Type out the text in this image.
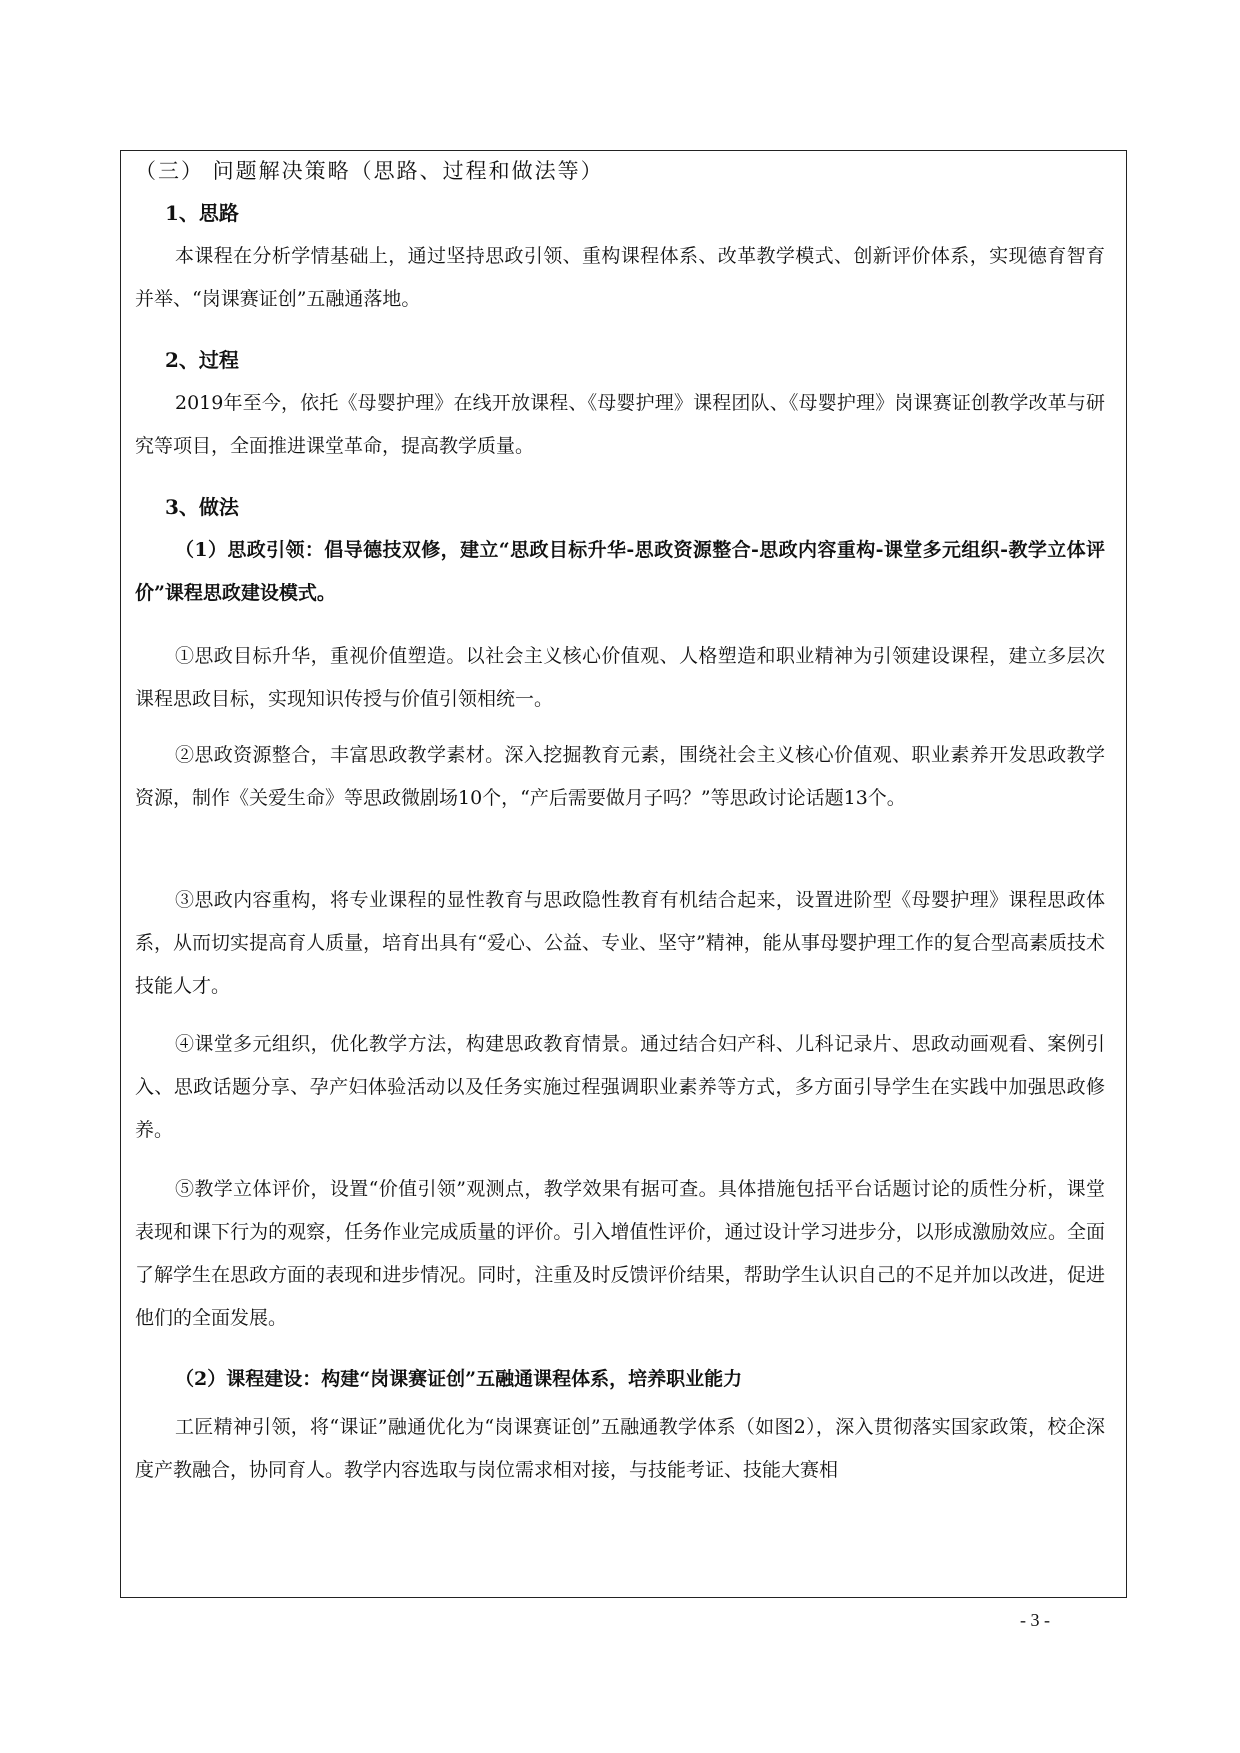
（三） 问题解决策略（思路、过程和做法等）
1、思路

本课程在分析学情基础上，通过坚持思政引领、重构课程体系、改革教学模式、创新评价体系，实现德育智育并举、“岗课赛证创”五融通落地。

2、过程

2019年至今，依托《母婴护理》在线开放课程、《母婴护理》课程团队、《母婴护理》岗课赛证创教学改革与研究等项目，全面推进课堂革命，提高教学质量。

3、做法

（1）思政引领：倡导德技双修，建立“思政目标升华-思政资源整合-思政内容重构-课堂多元组织-教学立体评价”课程思政建设模式。

①思政目标升华，重视价值塑造。以社会主义核心价值观、人格塑造和职业精神为引领建设课程，建立多层次课程思政目标，实现知识传授与价值引领相统一。

②思政资源整合，丰富思政教学素材。深入挖掘教育元素，围绕社会主义核心价值观、职业素养开发思政教学资源，制作《关爱生命》等思政微剧场10个，“产后需要做月子吗？”等思政讨论话题13个。

③思政内容重构，将专业课程的显性教育与思政隐性教育有机结合起来，设置进阶型《母婴护理》课程思政体系，从而切实提高育人质量，培育出具有“爱心、公益、专业、坚守”精神，能从事母婴护理工作的复合型高素质技术技能人才。

④课堂多元组织，优化教学方法，构建思政教育情景。通过结合妇产科、儿科记录片、思政动画观看、案例引入、思政话题分享、孕产妇体验活动以及任务实施过程强调职业素养等方式，多方面引导学生在实践中加强思政修养。

⑤教学立体评价，设置“价值引领”观测点，教学效果有据可查。具体措施包括平台话题讨论的质性分析，课堂表现和课下行为的观察，任务作业完成质量的评价。引入增值性评价，通过设计学习进步分，以形成激励效应。全面了解学生在思政方面的表现和进步情况。同时，注重及时反馈评价结果，帮助学生认识自己的不足并加以改进，促进他们的全面发展。

（2）课程建设：构建“岗课赛证创”五融通课程体系，培养职业能力

工匠精神引领，将“课证”融通优化为“岗课赛证创”五融通教学体系（如图2），深入贯彻落实国家政策，校企深度产教融合，协同育人。教学内容选取与岗位需求相对接，与技能考证、技能大赛相

- 3 -
